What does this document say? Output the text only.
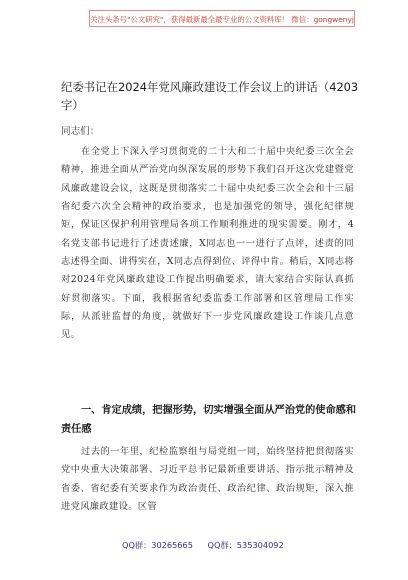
关注头条号"公文研究"，获得最新最全最专业的公文资料库！ 微信：gongwenyj
纪委书记在2024年党风廉政建设工作会议上的讲话（4203字）
同志们：
在全党上下深入学习贯彻党的二十大和二十届中央纪委三次全会精神，推进全面从严治党向纵深发展的形势下我们召开这次党建暨党风廉政建设会议，这既是贯彻落实二十届中央纪委三次全会和十三届省纪委六次全会精神的政治要求，也是加强党的领导，强化纪律规矩，保证区保护利用管理局各项工作顺利推进的现实需要。刚才，4名党支部书记进行了述责述廉，X同志也一一进行了点评，述责的同志述得全面、讲得实在，X同志点得到位、评得中肯。稍后，X同志将对2024年党风廉政建设工作提出明确要求，请大家结合实际认真抓好贯彻落实。下面，我根据省纪委监委工作部署和区管理局工作实际，从派驻监督的角度，就做好下一步党风廉政建设工作谈几点意见。
一、肯定成绩，把握形势，切实增强全面从严治党的使命感和责任感
过去的一年里，纪检监察组与局党组一同，始终坚持把贯彻落实党中央重大决策部署、习近平总书记最新重要讲话、指示批示精神及省委、省纪委有关要求作为政治责任、政治纪律、政治规矩，深入推进党风廉政建设。区管
QQ群：30265665 QQ群：535304092
